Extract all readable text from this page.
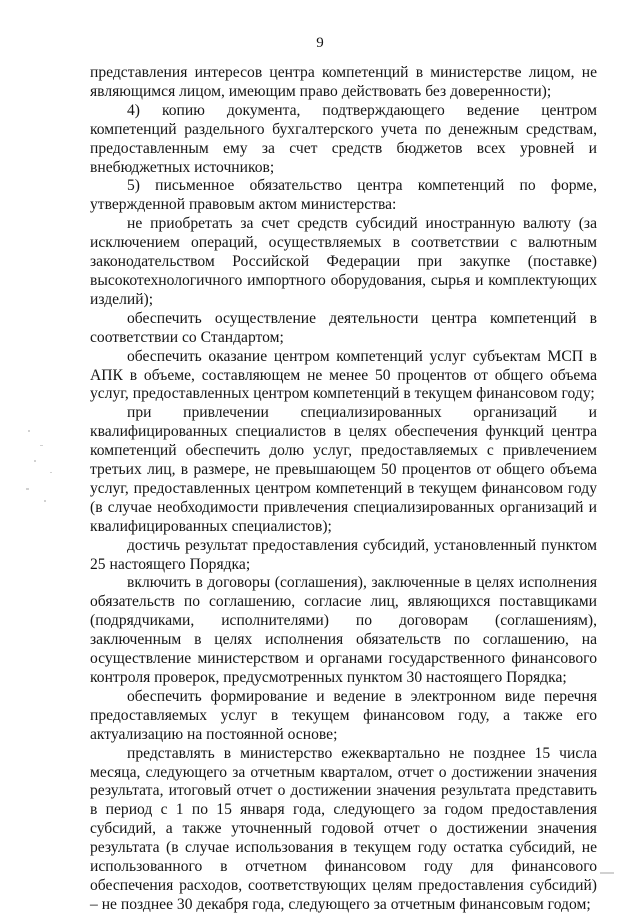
9

представления интересов центра компетенций в министерстве лицом, не являющимся лицом, имеющим право действовать без доверенности);

4) копию документа, подтверждающего ведение центром компетенций раздельного бухгалтерского учета по денежным средствам, предоставленным ему за счет средств бюджетов всех уровней и внебюджетных источников;

5) письменное обязательство центра компетенций по форме, утвержденной правовым актом министерства:

не приобретать за счет средств субсидий иностранную валюту (за исключением операций, осуществляемых в соответствии с валютным законодательством Российской Федерации при закупке (поставке) высокотехнологичного импортного оборудования, сырья и комплектующих изделий);

обеспечить осуществление деятельности центра компетенций в соответствии со Стандартом;

обеспечить оказание центром компетенций услуг субъектам МСП в АПК в объеме, составляющем не менее 50 процентов от общего объема услуг, предоставленных центром компетенций в текущем финансовом году;

при привлечении специализированных организаций и квалифицированных специалистов в целях обеспечения функций центра компетенций обеспечить долю услуг, предоставляемых с привлечением третьих лиц, в размере, не превышающем 50 процентов от общего объема услуг, предоставленных центром компетенций в текущем финансовом году (в случае необходимости привлечения специализированных организаций и квалифицированных специалистов);

достичь результат предоставления субсидий, установленный пунктом 25 настоящего Порядка;

включить в договоры (соглашения), заключенные в целях исполнения обязательств по соглашению, согласие лиц, являющихся поставщиками (подрядчиками, исполнителями) по договорам (соглашениям), заключенным в целях исполнения обязательств по соглашению, на осуществление министерством и органами государственного финансового контроля проверок, предусмотренных пунктом 30 настоящего Порядка;

обеспечить формирование и ведение в электронном виде перечня предоставляемых услуг в текущем финансовом году, а также его актуализацию на постоянной основе;

представлять в министерство ежеквартально не позднее 15 числа месяца, следующего за отчетным кварталом, отчет о достижении значения результата, итоговый отчет о достижении значения результата представить в период с 1 по 15 января года, следующего за годом предоставления субсидий, а также уточненный годовой отчет о достижении значения результата (в случае использования в текущем году остатка субсидий, не использованного в отчетном финансовом году для финансового обеспечения расходов, соответствующих целям предоставления субсидий) – не позднее 30 декабря года, следующего за отчетным финансовым годом;
